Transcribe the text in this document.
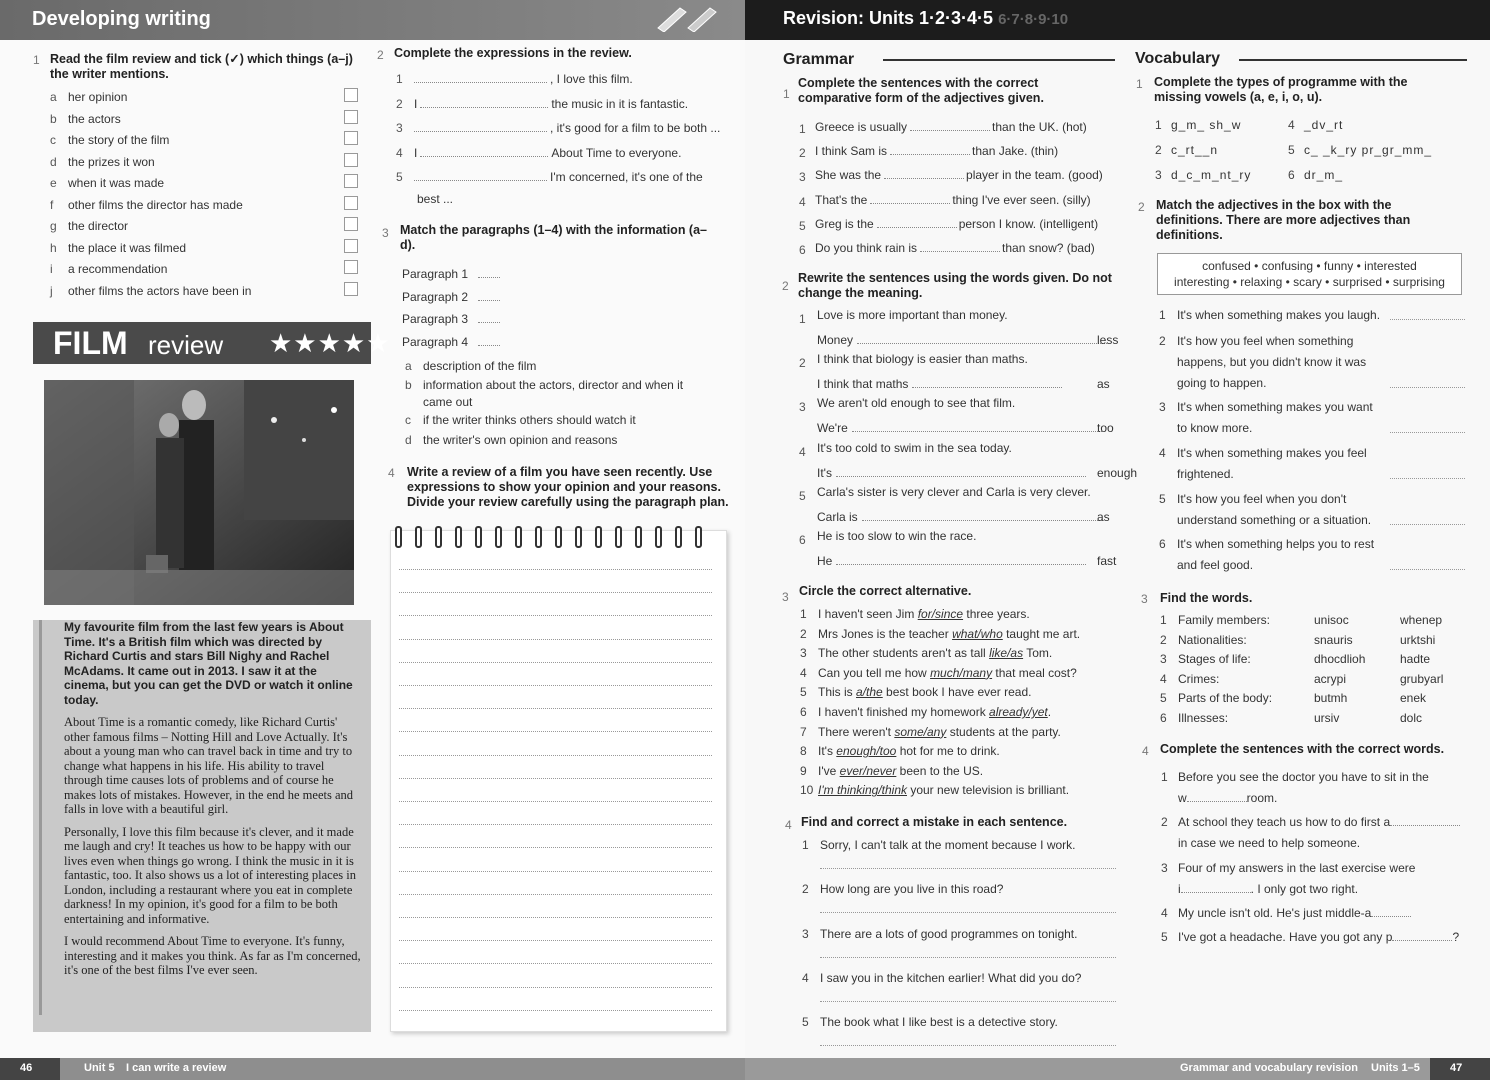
Developing writing
1 Read the film review and tick (✓) which things (a–j) the writer mentions.
a her opinion
b the actors
c the story of the film
d the prizes it won
e when it was made
f other films the director has made
g the director
h the place it was filmed
i a recommendation
j other films the actors have been in
FILM review ★★★★★

My favourite film from the last few years is About Time. It's a British film which was directed by Richard Curtis and stars Bill Nighy and Rachel McAdams. It came out in 2013. I saw it at the cinema, but you can get the DVD or watch it online today.

About Time is a romantic comedy, like Richard Curtis' other famous films – Notting Hill and Love Actually. It's about a young man who can travel back in time and try to change what happens in his life. His ability to travel through time causes lots of problems and of course he makes lots of mistakes. However, in the end he meets and falls in love with a beautiful girl.

Personally, I love this film because it's clever, and it made me laugh and cry! It teaches us how to be happy with our lives even when things go wrong. I think the music in it is fantastic, too. It also shows us a lot of interesting places in London, including a restaurant where you eat in complete darkness! In my opinion, it's good for a film to be both entertaining and informative.

I would recommend About Time to everyone. It's funny, interesting and it makes you think. As far as I'm concerned, it's one of the best films I've ever seen.

2 Complete the expressions in the review.
1	, I love this film.
2 I	the music in it is fantastic.
3	, it's good for a film to be both ...
4 I	About Time to everyone.
5	I'm concerned, it's one of the
best ...
3 Match the paragraphs (1–4) with the information (a–d).
Paragraph 1
Paragraph 2
Paragraph 3
Paragraph 4
a description of the film
b information about the actors, director and when it
came out
c if the writer thinks others should watch it
d the writer's own opinion and reasons
4 Write a review of a film you have seen recently. Use expressions to show your opinion and your reasons. Divide your review carefully using the paragraph plan.
46	Unit 5 I can write a review
Revision: Units 1·2·3·4·5 6·7·8·9·10
Grammar
1
Complete the sentences with the correct comparative form of the adjectives given.
1 Greece is usually	than the UK. (hot)
2 I think Sam is	than Jake. (thin)
3 She was the	player in the team. (good)
4 That's the	thing I've ever seen. (silly)
5 Greg is the	person I know. (intelligent)
6 Do you think rain is	than snow? (bad)
2
Rewrite the sentences using the words given. Do not change the meaning.
1 Love is more important than money.
Money	less
2 I think that biology is easier than maths.
I think that maths	as
3 We aren't old enough to see that film.
We're	too
4 It's too cold to swim in the sea today.
It's	enough
5 Carla's sister is very clever and Carla is very clever.
Carla is	as
6 He is too slow to win the race.
He	fast
3 Circle the correct alternative.
1 I haven't seen Jim for/since three years.
2 Mrs Jones is the teacher what/who taught me art.
3 The other students aren't as tall like/as Tom.
4 Can you tell me how much/many that meal cost?
5 This is a/the best book I have ever read.
6 I haven't finished my homework already/yet.
7 There weren't some/any students at the party.
8 It's enough/too hot for me to drink.
9 I've ever/never been to the US.
10 I'm thinking/think your new television is brilliant.
4 Find and correct a mistake in each sentence.
1 Sorry, I can't talk at the moment because I work.
2 How long are you live in this road?
3 There are a lots of good programmes on tonight.
4 I saw you in the kitchen earlier! What did you do?
5 The book what I like best is a detective story.
Vocabulary
1 Complete the types of programme with the missing vowels (a, e, i, o, u).
1 g_m_ sh_w
2 c_rt__n
3 d_c_m_nt_ry
4 _dv_rt
5 c_ _k_ry pr_gr_mm_
6 dr_m_
2 Match the adjectives in the box with the definitions. There are more adjectives than definitions.
confused • confusing • funny • interested
interesting • relaxing • scary • surprised • surprising
1 It's when something makes you laugh.
2 It's how you feel when something
happens, but you didn't know it was
going to happen.
3 It's when something makes you want
to know more.
4 It's when something makes you feel
frightened.
5 It's how you feel when you don't
understand something or a situation.
6 It's when something helps you to rest
and feel good.
3 Find the words.
1 Family members:	unisoc	whenep
2 Nationalities:	snauris	urktshi
3 Stages of life:	dhocdlioh	hadte
4 Crimes:	acrypi	grubyarl
5 Parts of the body:	butmh	enek
6 Illnesses:	ursiv	dolc
4 Complete the sentences with the correct words.
1 Before you see the doctor you have to sit in the
w	room.
2 At school they teach us how to do first a
in case we need to help someone.
3 Four of my answers in the last exercise were
i	. I only got two right.
4 My uncle isn't old. He's just middle-a
5 I've got a headache. Have you got any p	?
Grammar and vocabulary revision Units 1–5	47
